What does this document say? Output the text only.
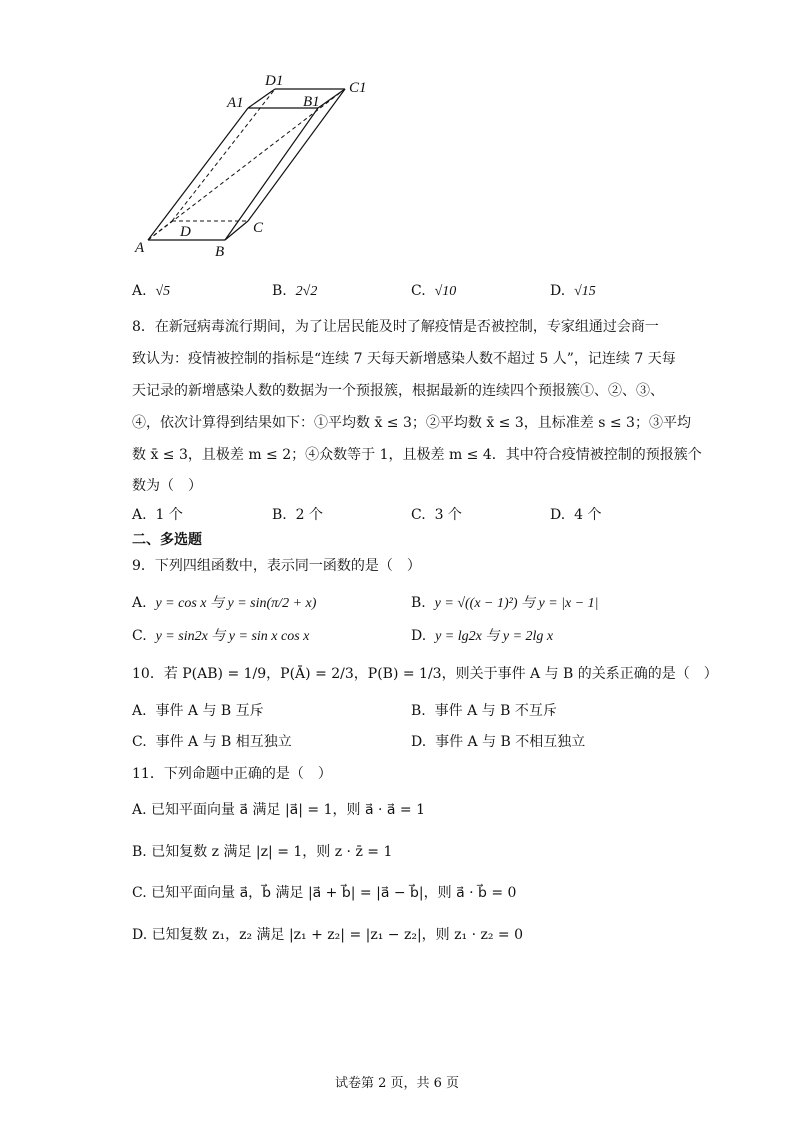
D1	C1
A1	B1
A
D	C
B
A. √5	B. 2√2	C. √10	D. √15
8．在新冠病毒流行期间，为了让居民能及时了解疫情是否被控制，专家组通过会商一
致认为：疫情被控制的指标是“连续 7 天每天新增感染人数不超过 5 人”，记连续 7 天每
天记录的新增感染人数的数据为一个预报簇，根据最新的连续四个预报簇①、②、③、
④，依次计算得到结果如下：①平均数 x̄ ≤ 3；②平均数 x̄ ≤ 3，且标准差 s ≤ 3；③平均
数 x̄ ≤ 3，且极差 m ≤ 2；④众数等于 1，且极差 m ≤ 4．其中符合疫情被控制的预报簇个
数为（　）
A. 1 个	B. 2 个	C. 3 个	D. 4 个
二、多选题
9．下列四组函数中，表示同一函数的是（　）
A. y = cos x 与 y = sin(π/2 + x)	B. y = √((x − 1)²) 与 y = |x − 1|
C. y = sin2x 与 y = sin x cos x	D. y = lg2x 与 y = 2lg x
10．若 P(AB) = 1/9，P(Ā) = 2/3，P(B) = 1/3，则关于事件 A 与 B 的关系正确的是（　）
A. 事件 A 与 B 互斥	B. 事件 A 与 B 不互斥
C. 事件 A 与 B 相互独立	D. 事件 A 与 B 不相互独立
11．下列命题中正确的是（　）
A. 已知平面向量 a⃗ 满足 |a⃗| = 1，则 a⃗ · a⃗ = 1
B. 已知复数 z 满足 |z| = 1，则 z · z̄ = 1
C. 已知平面向量 a⃗，b⃗ 满足 |a⃗ + b⃗| = |a⃗ − b⃗|，则 a⃗ · b⃗ = 0
D. 已知复数 z₁，z₂ 满足 |z₁ + z₂| = |z₁ − z₂|，则 z₁ · z₂ = 0
试卷第 2 页，共 6 页
